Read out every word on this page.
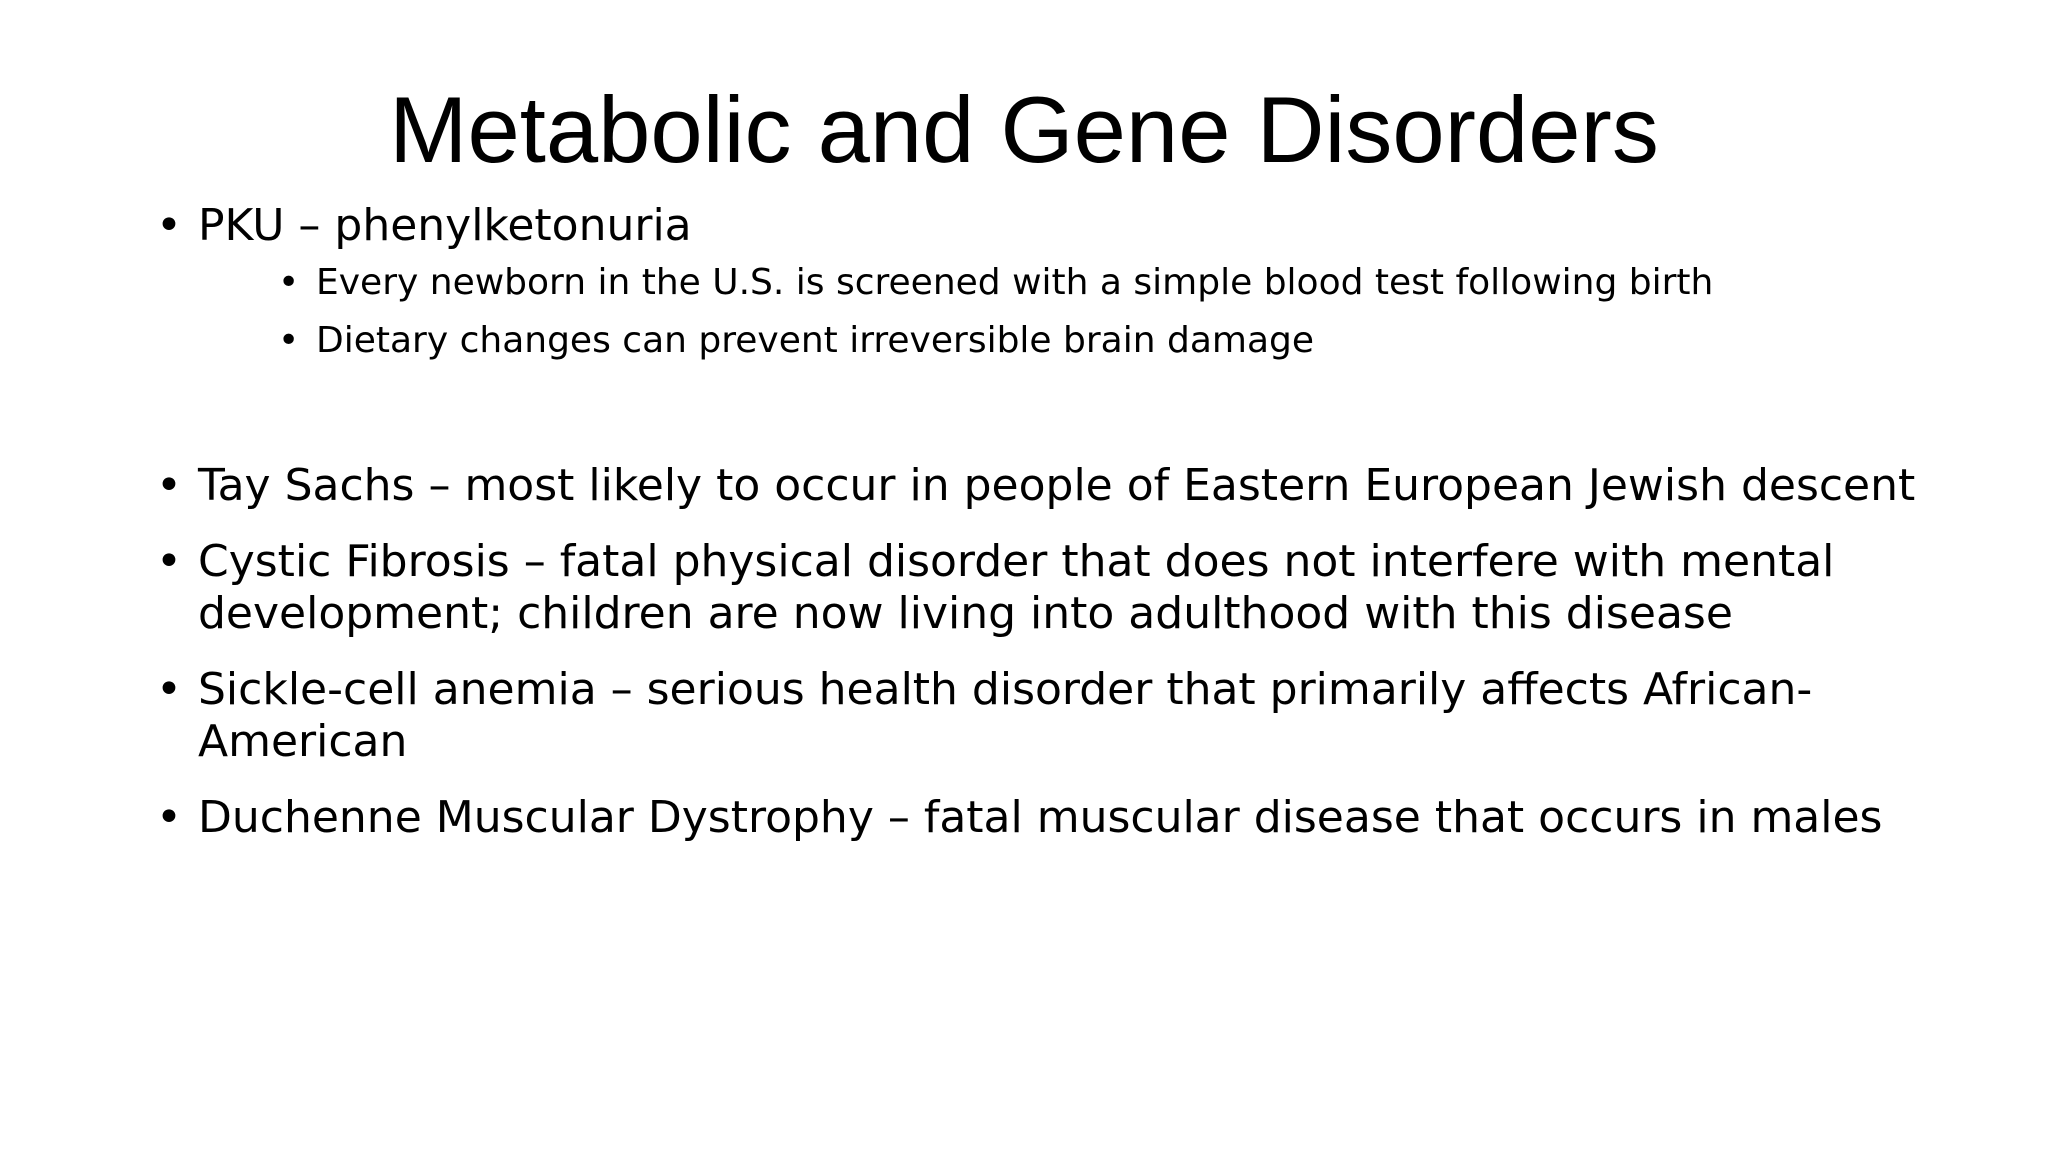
Metabolic and Gene Disorders
• PKU – phenylketonuria
• Every newborn in the U.S. is screened with a simple blood test following birth
• Dietary changes can prevent irreversible brain damage
• Tay Sachs – most likely to occur in people of Eastern European Jewish descent
• Cystic Fibrosis – fatal physical disorder that does not interfere with mental development; children are now living into adulthood with this disease
• Sickle-cell anemia – serious health disorder that primarily affects African-American
• Duchenne Muscular Dystrophy – fatal muscular disease that occurs in males
